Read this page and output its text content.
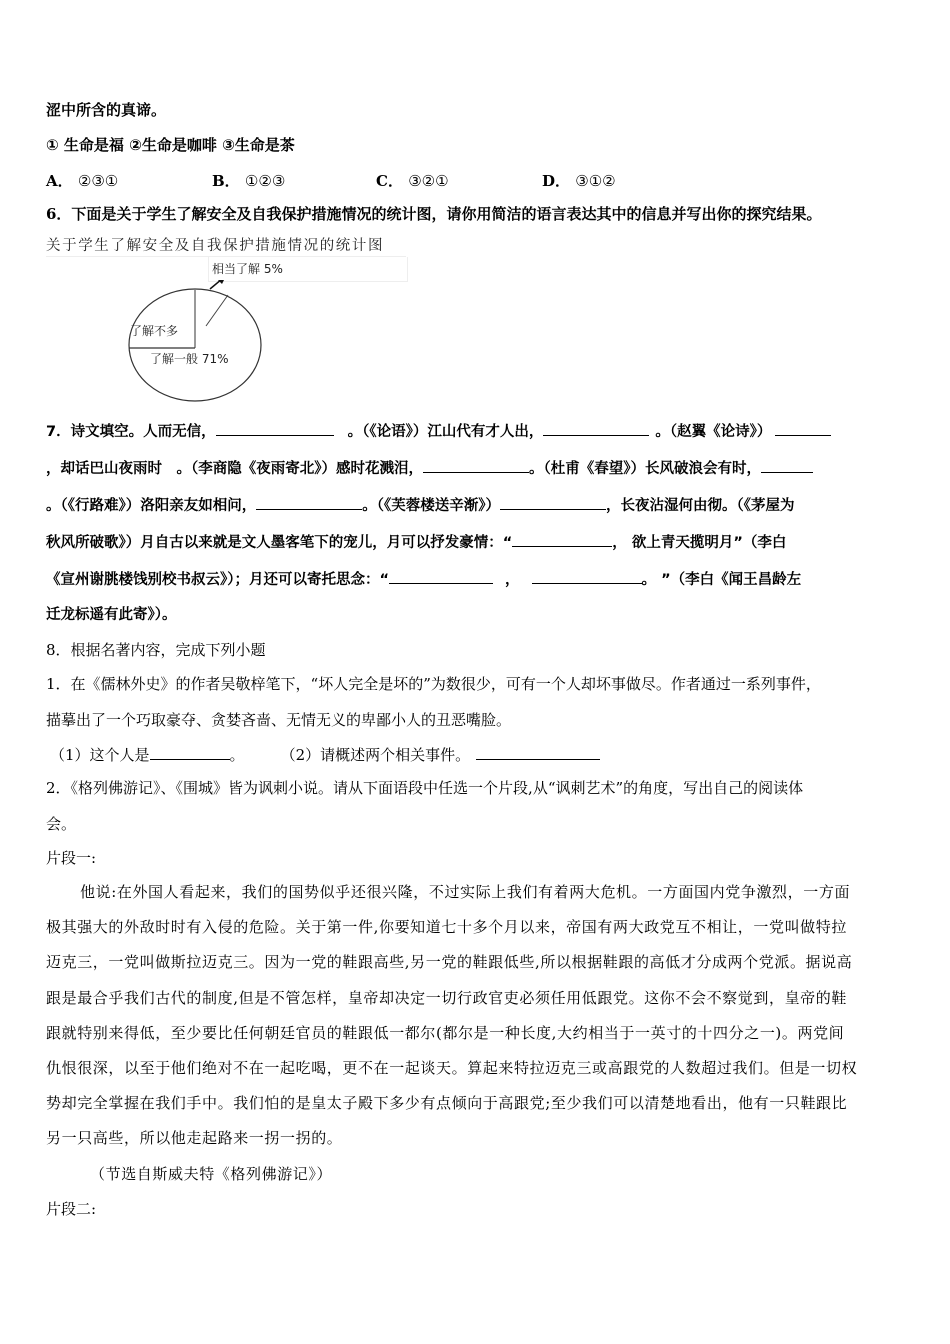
涩中所含的真谛。
① 生命是福 ②生命是咖啡 ③生命是茶
A． ②③①	B． ①②③	C． ③②①	D． ③①②
6．下面是关于学生了解安全及自我保护措施情况的统计图，请你用简洁的语言表达其中的信息并写出你的探究结果。
关于学生了解安全及自我保护措施情况的统计图
相当了解 5%
了解不多
了解一般 71%
7．诗文填空。人而无信，	。（《论语》）江山代有才人出，	。（赵翼《论诗》）
，却话巴山夜雨时　。（李商隐《夜雨寄北》）感时花溅泪，	。（杜甫《春望》）长风破浪会有时，
。（《行路难》）洛阳亲友如相问，	。（《芙蓉楼送辛渐》）	，长夜沾湿何由彻。（《茅屋为
秋风所破歌》）月自古以来就是文人墨客笔下的宠儿，月可以抒发豪情：“	， 欲上青天揽明月”（李白
《宣州谢朓楼饯别校书叔云》）；月还可以寄托思念：“	，	。 ”（李白《闻王昌龄左
迁龙标遥有此寄》）。
8．根据名著内容，完成下列小题
1．在《儒林外史》的作者吴敬梓笔下，“坏人完全是坏的”为数很少，可有一个人却坏事做尽。作者通过一系列事件，
描摹出了一个巧取豪夺、贪婪吝啬、无情无义的卑鄙小人的丑恶嘴脸。
（1）这个人是	。 （2）请概述两个相关事件。
2．《格列佛游记》、《围城》皆为讽刺小说。请从下面语段中任选一个片段,从“讽刺艺术”的角度，写出自己的阅读体
会。
片段一:
他说:在外国人看起来，我们的国势似乎还很兴隆，不过实际上我们有着两大危机。一方面国内党争激烈，一方面
极其强大的外敌时时有入侵的危险。关于第一件,你要知道七十多个月以来，帝国有两大政党互不相让，一党叫做特拉
迈克三，一党叫做斯拉迈克三。因为一党的鞋跟高些,另一党的鞋跟低些,所以根据鞋跟的高低才分成两个党派。据说高
跟是最合乎我们古代的制度,但是不管怎样，皇帝却决定一切行政官吏必须任用低跟党。这你不会不察觉到，皇帝的鞋
跟就特别来得低，至少要比任何朝廷官员的鞋跟低一都尔(都尔是一种长度,大约相当于一英寸的十四分之一)。两党间
仇恨很深，以至于他们绝对不在一起吃喝，更不在一起谈天。算起来特拉迈克三或高跟党的人数超过我们。但是一切权
势却完全掌握在我们手中。我们怕的是皇太子殿下多少有点倾向于高跟党;至少我们可以清楚地看出，他有一只鞋跟比
另一只高些，所以他走起路来一拐一拐的。
（节选自斯威夫特《格列佛游记》）
片段二:
